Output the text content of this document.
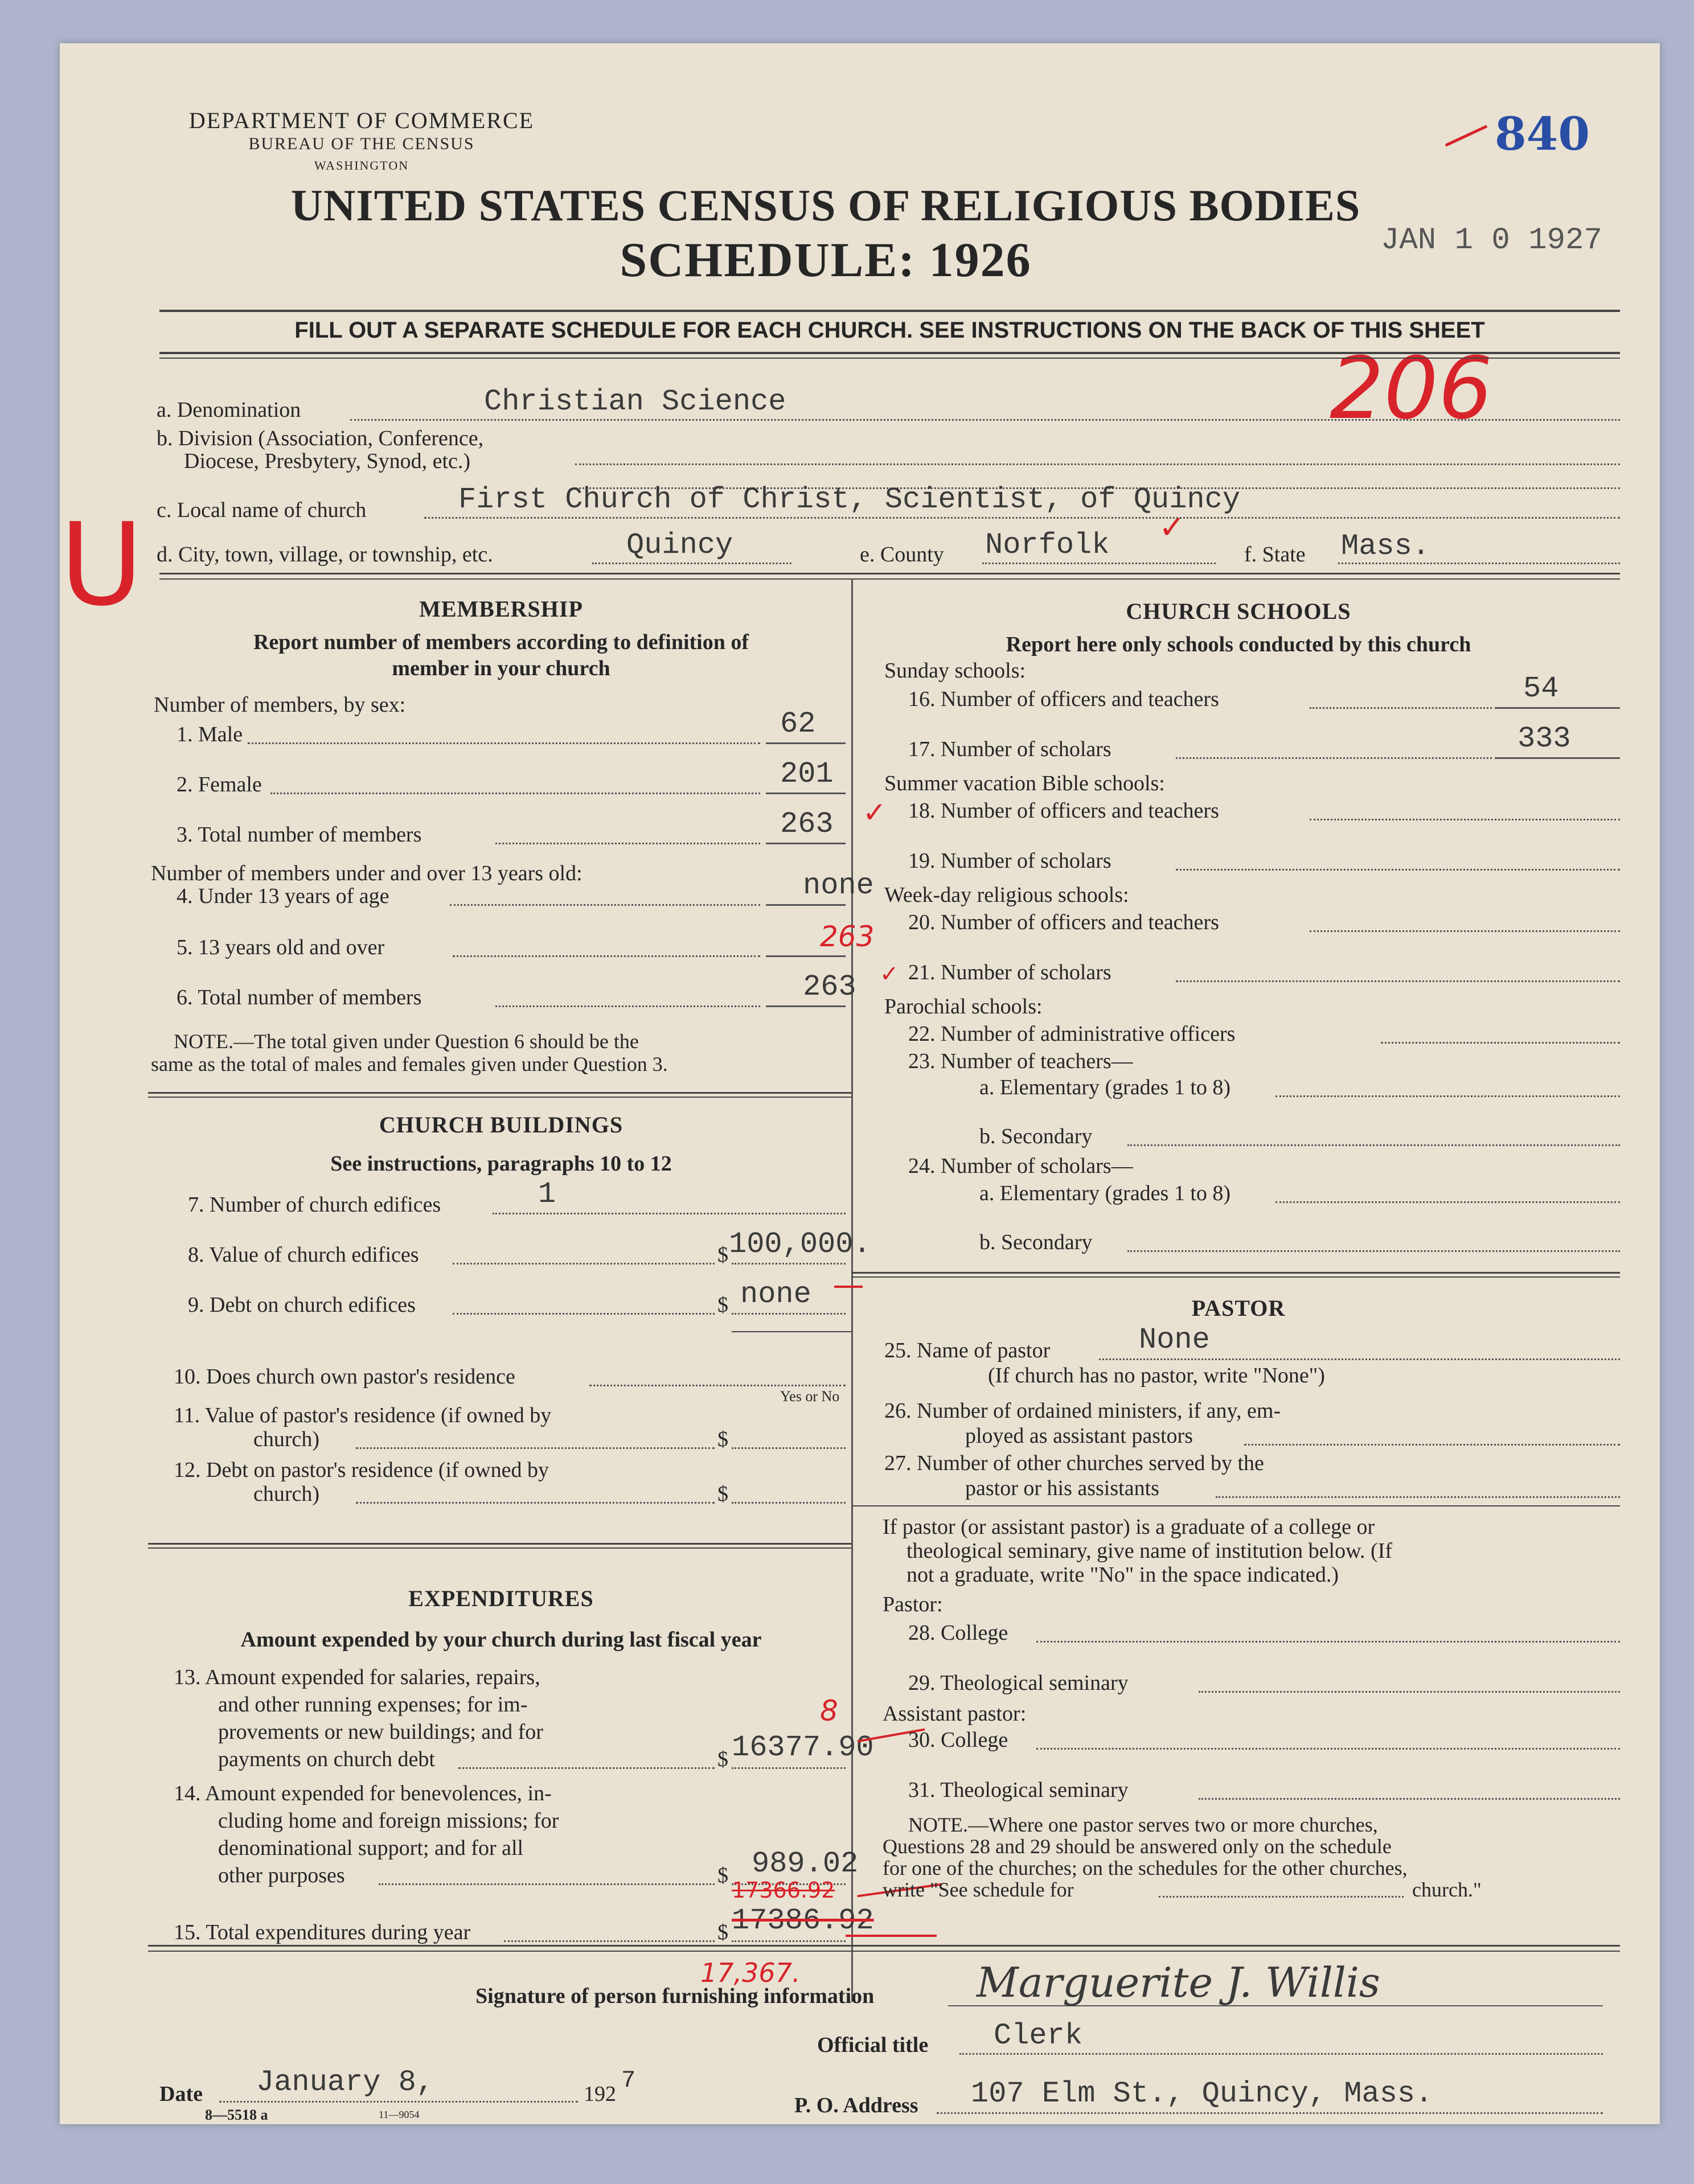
DEPARTMENT OF COMMERCE
BUREAU OF THE CENSUS
WASHINGTON
UNITED STATES CENSUS OF RELIGIOUS BODIES
SCHEDULE: 1926	JAN 1 0 1927
840
206
U
FILL OUT A SEPARATE SCHEDULE FOR EACH CHURCH. SEE INSTRUCTIONS ON THE BACK OF THIS SHEET
a. Denomination	Christian Science
b. Division (Association, Conference,
Diocese, Presbytery, Synod, etc.)
c. Local name of church	First Church of Christ, Scientist, of Quincy
d. City, town, village, or township, etc.	Quincy	e. County Norfolk ✓
f. State Mass.
MEMBERSHIP
Report number of members according to definition of
member in your church
Number of members, by sex:
1. Male	62
2. Female	201
3. Total number of members	263 ✓
Number of members under and over 13 years old:
4. Under 13 years of age	none
5. 13 years old and over	263
6. Total number of members	263 ✓
NOTE.—The total given under Question 6 should be the
same as the total of males and females given under Question 3.
CHURCH BUILDINGS
See instructions, paragraphs 10 to 12
7. Number of church edifices	1
8. Value of church edifices	$ 100,000.
9. Debt on church edifices	$ none
10. Does church own pastor's residence
Yes or No
11. Value of pastor's residence (if owned by
church)	$
12. Debt on pastor's residence (if owned by
church)	$
EXPENDITURES
Amount expended by your church during last fiscal year
13. Amount expended for salaries, repairs,
and other running expenses; for im-
provements or new buildings; and for
payments on church debt	$ 16377.90
8
14. Amount expended for benevolences, in-
cluding home and foreign missions; for
denominational support; and for all
other purposes	$ 989.02
17366.92
15. Total expenditures during year	$ 17386.92
17,367.
CHURCH SCHOOLS
Report here only schools conducted by this church
Sunday schools:
16. Number of officers and teachers	54
17. Number of scholars	333
Summer vacation Bible schools:
18. Number of officers and teachers
19. Number of scholars
Week-day religious schools:
20. Number of officers and teachers
21. Number of scholars
Parochial schools:
22. Number of administrative officers
23. Number of teachers—
a. Elementary (grades 1 to 8)
b. Secondary
24. Number of scholars—
a. Elementary (grades 1 to 8)
b. Secondary
PASTOR
25. Name of pastor	None
(If church has no pastor, write "None")
26. Number of ordained ministers, if any, em-
ployed as assistant pastors
27. Number of other churches served by the
pastor or his assistants
If pastor (or assistant pastor) is a graduate of a college or
theological seminary, give name of institution below. (If
not a graduate, write "No" in the space indicated.)
Pastor:
28. College
29. Theological seminary
Assistant pastor:
30. College
31. Theological seminary
NOTE.—Where one pastor serves two or more churches,
Questions 28 and 29 should be answered only on the schedule
for one of the churches; on the schedules for the other churches,
write "See schedule for	church."
Signature of person furnishing information Marguerite J. Willis
Official title Clerk
Date January 8,	192 7
P. O. Address 107 Elm St., Quincy, Mass.
8—5518 a	11—9054
